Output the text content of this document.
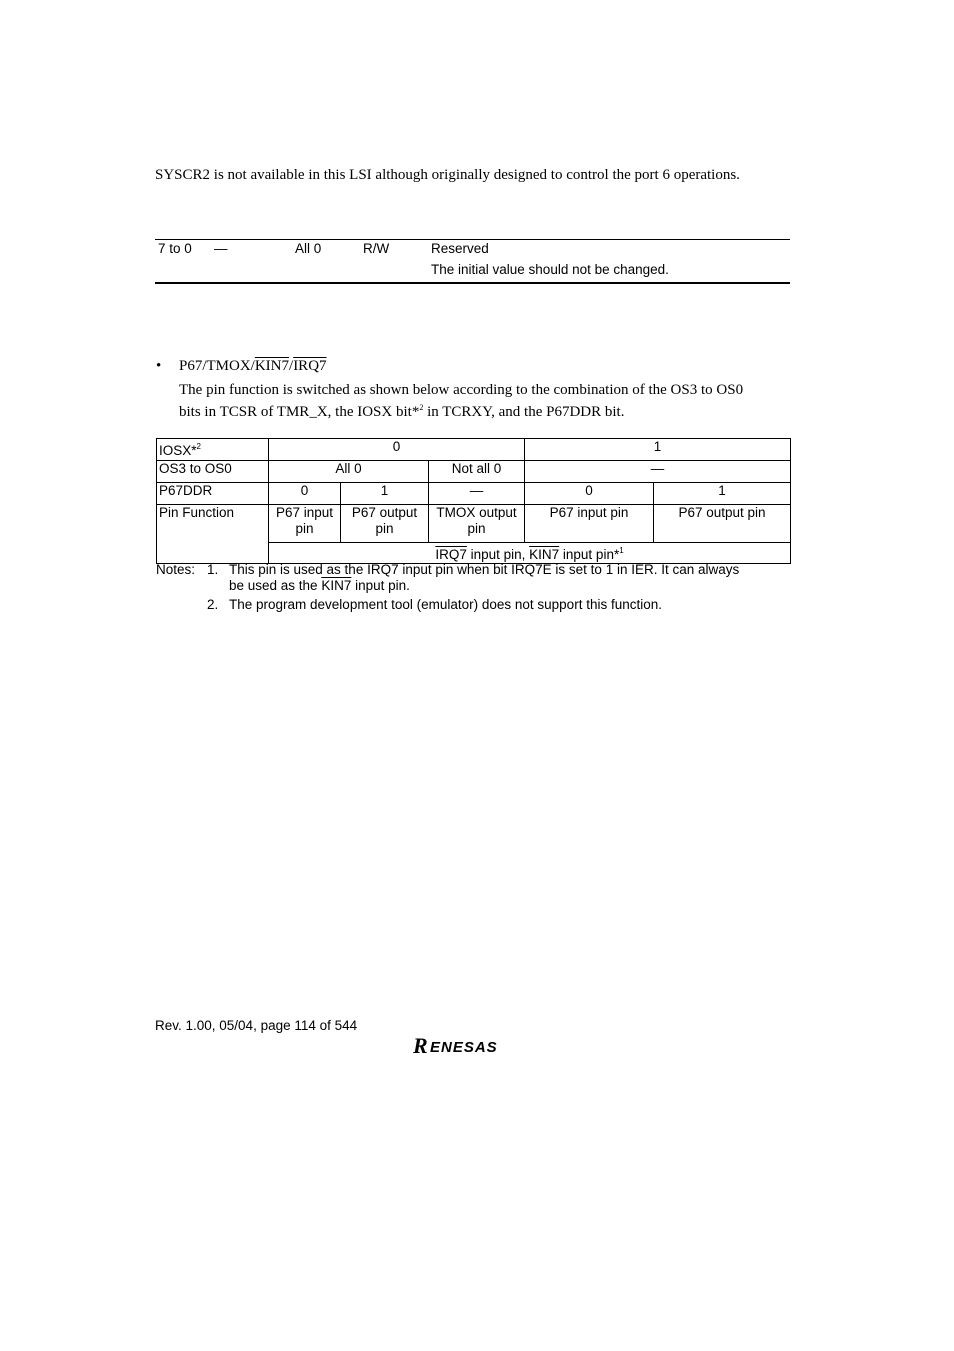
SYSCR2 is not available in this LSI although originally designed to control the port 6 operations.
7 to 0 —	All 0	R/W	Reserved
The initial value should not be changed.
• P67/TMOX/KIN7/IRQ7
The pin function is switched as shown below according to the combination of the OS3 to OS0
bits in TCSR of TMR_X, the IOSX bit*$^2$ in TCRXY, and the P67DDR bit.
IOSX*$^2$	0			1	
OS3 to OS0	All 0		Not all 0	—	
P67DDR	0	1	—	0	1
Pin Function	P67 input pin	P67 output pin	TMOX output pin	P67 input pin	P67 output pin
	IRQ7 input pin, KIN7 input pin*$^1$
Notes: 1. This pin is used as the IRQ7 input pin when bit IRQ7E is set to 1 in IER. It can always
be used as the KIN7 input pin.
2. The program development tool (emulator) does not support this function.
Rev. 1.00, 05/04, page 114 of 544
R ENESAS
